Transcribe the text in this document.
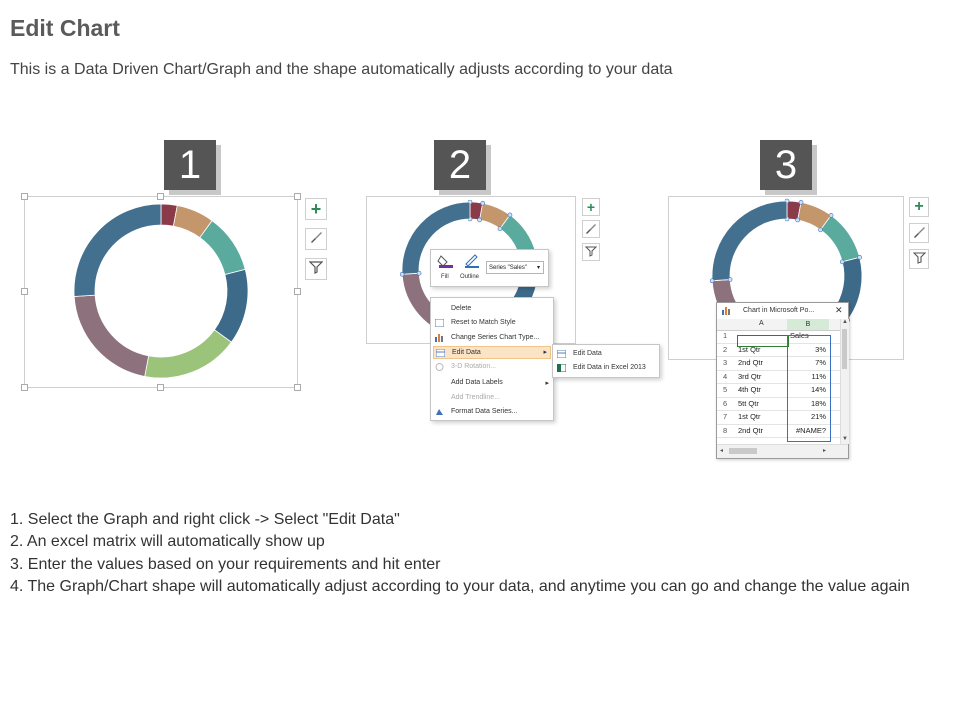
Edit Chart
This is a Data Driven Chart/Graph and the shape automatically adjusts according to your data
1
+
2
+
Fill Outline
Series "Sales" ▾
Delete
Reset to Match Style
Change Series Chart Type...
Edit Data	▸
3-D Rotation...
Add Data Labels	▸
Add Trendline...
Format Data Series...
Edit Data
Edit Data in Excel 2013
3
+
Chart in Microsoft Po... ✕
A	B
1	Sales
2 1st Qtr	3%
3 2nd Qtr	7%
4 3rd Qtr	11%
5 4th Qtr	14%
6 5tt Qtr	18%
7 1st Qtr	21%
8 2nd Qtr	#NAME?
▲
▼
◂	▸
1. Select the Graph and right click -> Select "Edit Data"
2. An excel matrix will automatically show up
3. Enter the values based on your requirements and hit enter
4. The Graph/Chart shape will automatically adjust according to your data, and anytime you can go and change the value again
